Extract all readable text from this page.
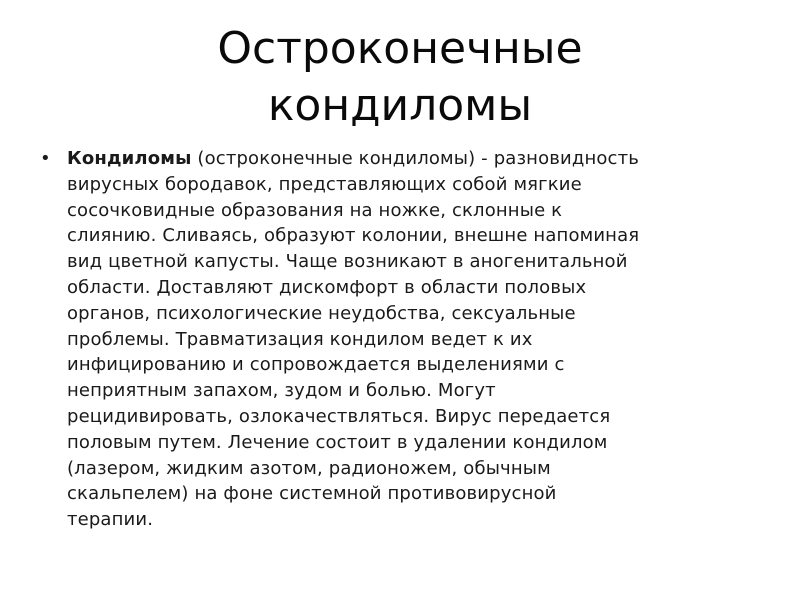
Остроконечные
кондиломы
• Кондиломы (остроконечные кондиломы) - разновидность
вирусных бородавок, представляющих собой мягкие
сосочковидные образования на ножке, склонные к
слиянию. Сливаясь, образуют колонии, внешне напоминая
вид цветной капусты. Чаще возникают в аногенитальной
области. Доставляют дискомфорт в области половых
органов, психологические неудобства, сексуальные
проблемы. Травматизация кондилом ведет к их
инфицированию и сопровождается выделениями с
неприятным запахом, зудом и болью. Могут
рецидивировать, озлокачествляться. Вирус передается
половым путем. Лечение состоит в удалении кондилом
(лазером, жидким азотом, радионожем, обычным
скальпелем) на фоне системной противовирусной
терапии.
